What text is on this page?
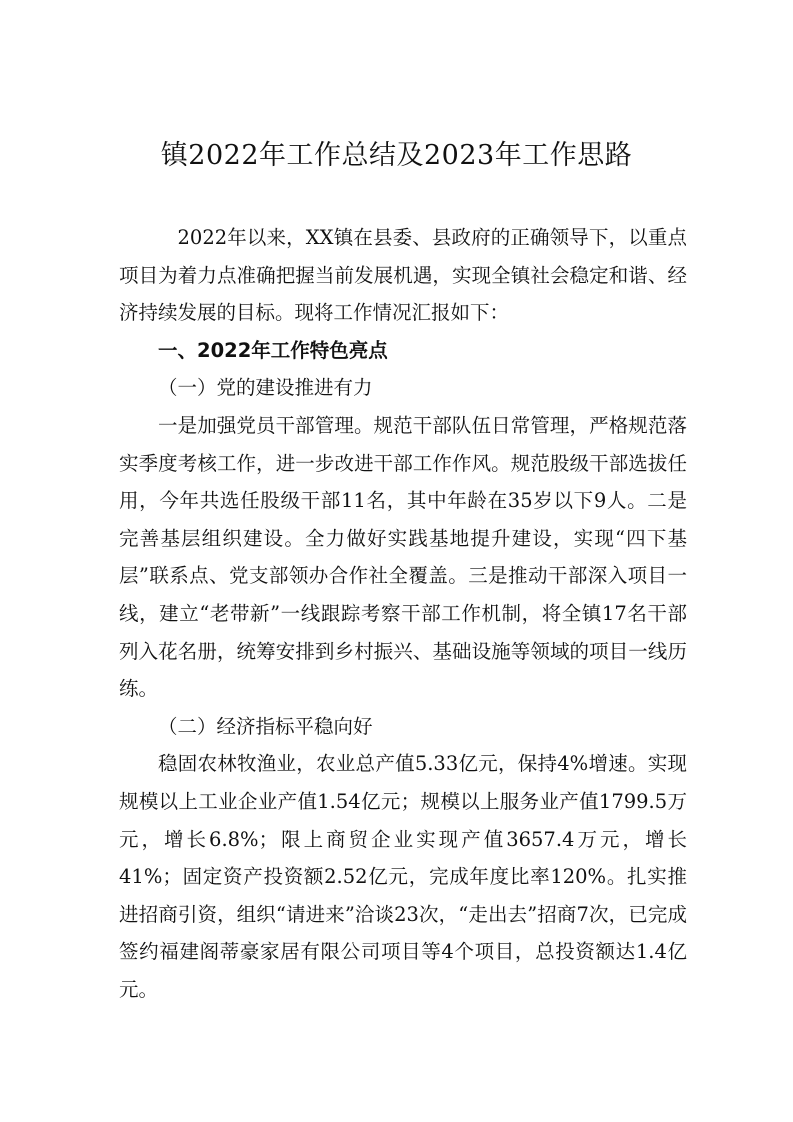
镇2022年工作总结及2023年工作思路

2022年以来，XX镇在县委、县政府的正确领导下，以重点项目为着力点准确把握当前发展机遇，实现全镇社会稳定和谐、经济持续发展的目标。现将工作情况汇报如下：

一、2022年工作特色亮点
（一）党的建设推进有力

一是加强党员干部管理。规范干部队伍日常管理，严格规范落实季度考核工作，进一步改进干部工作作风。规范股级干部选拔任用，今年共选任股级干部11名，其中年龄在35岁以下9人。二是完善基层组织建设。全力做好实践基地提升建设，实现“四下基层”联系点、党支部领办合作社全覆盖。三是推动干部深入项目一线，建立“老带新”一线跟踪考察干部工作机制，将全镇17名干部列入花名册，统筹安排到乡村振兴、基础设施等领域的项目一线历练。

（二）经济指标平稳向好

稳固农林牧渔业，农业总产值5.33亿元，保持4%增速。实现规模以上工业企业产值1.54亿元；规模以上服务业产值1799.5万元，增长6.8%；限上商贸企业实现产值3657.4万元，增长41%；固定资产投资额2.52亿元，完成年度比率120%。扎实推进招商引资，组织“请进来”洽谈23次，“走出去”招商7次，已完成签约福建阁蒂豪家居有限公司项目等4个项目，总投资额达1.4亿元。
